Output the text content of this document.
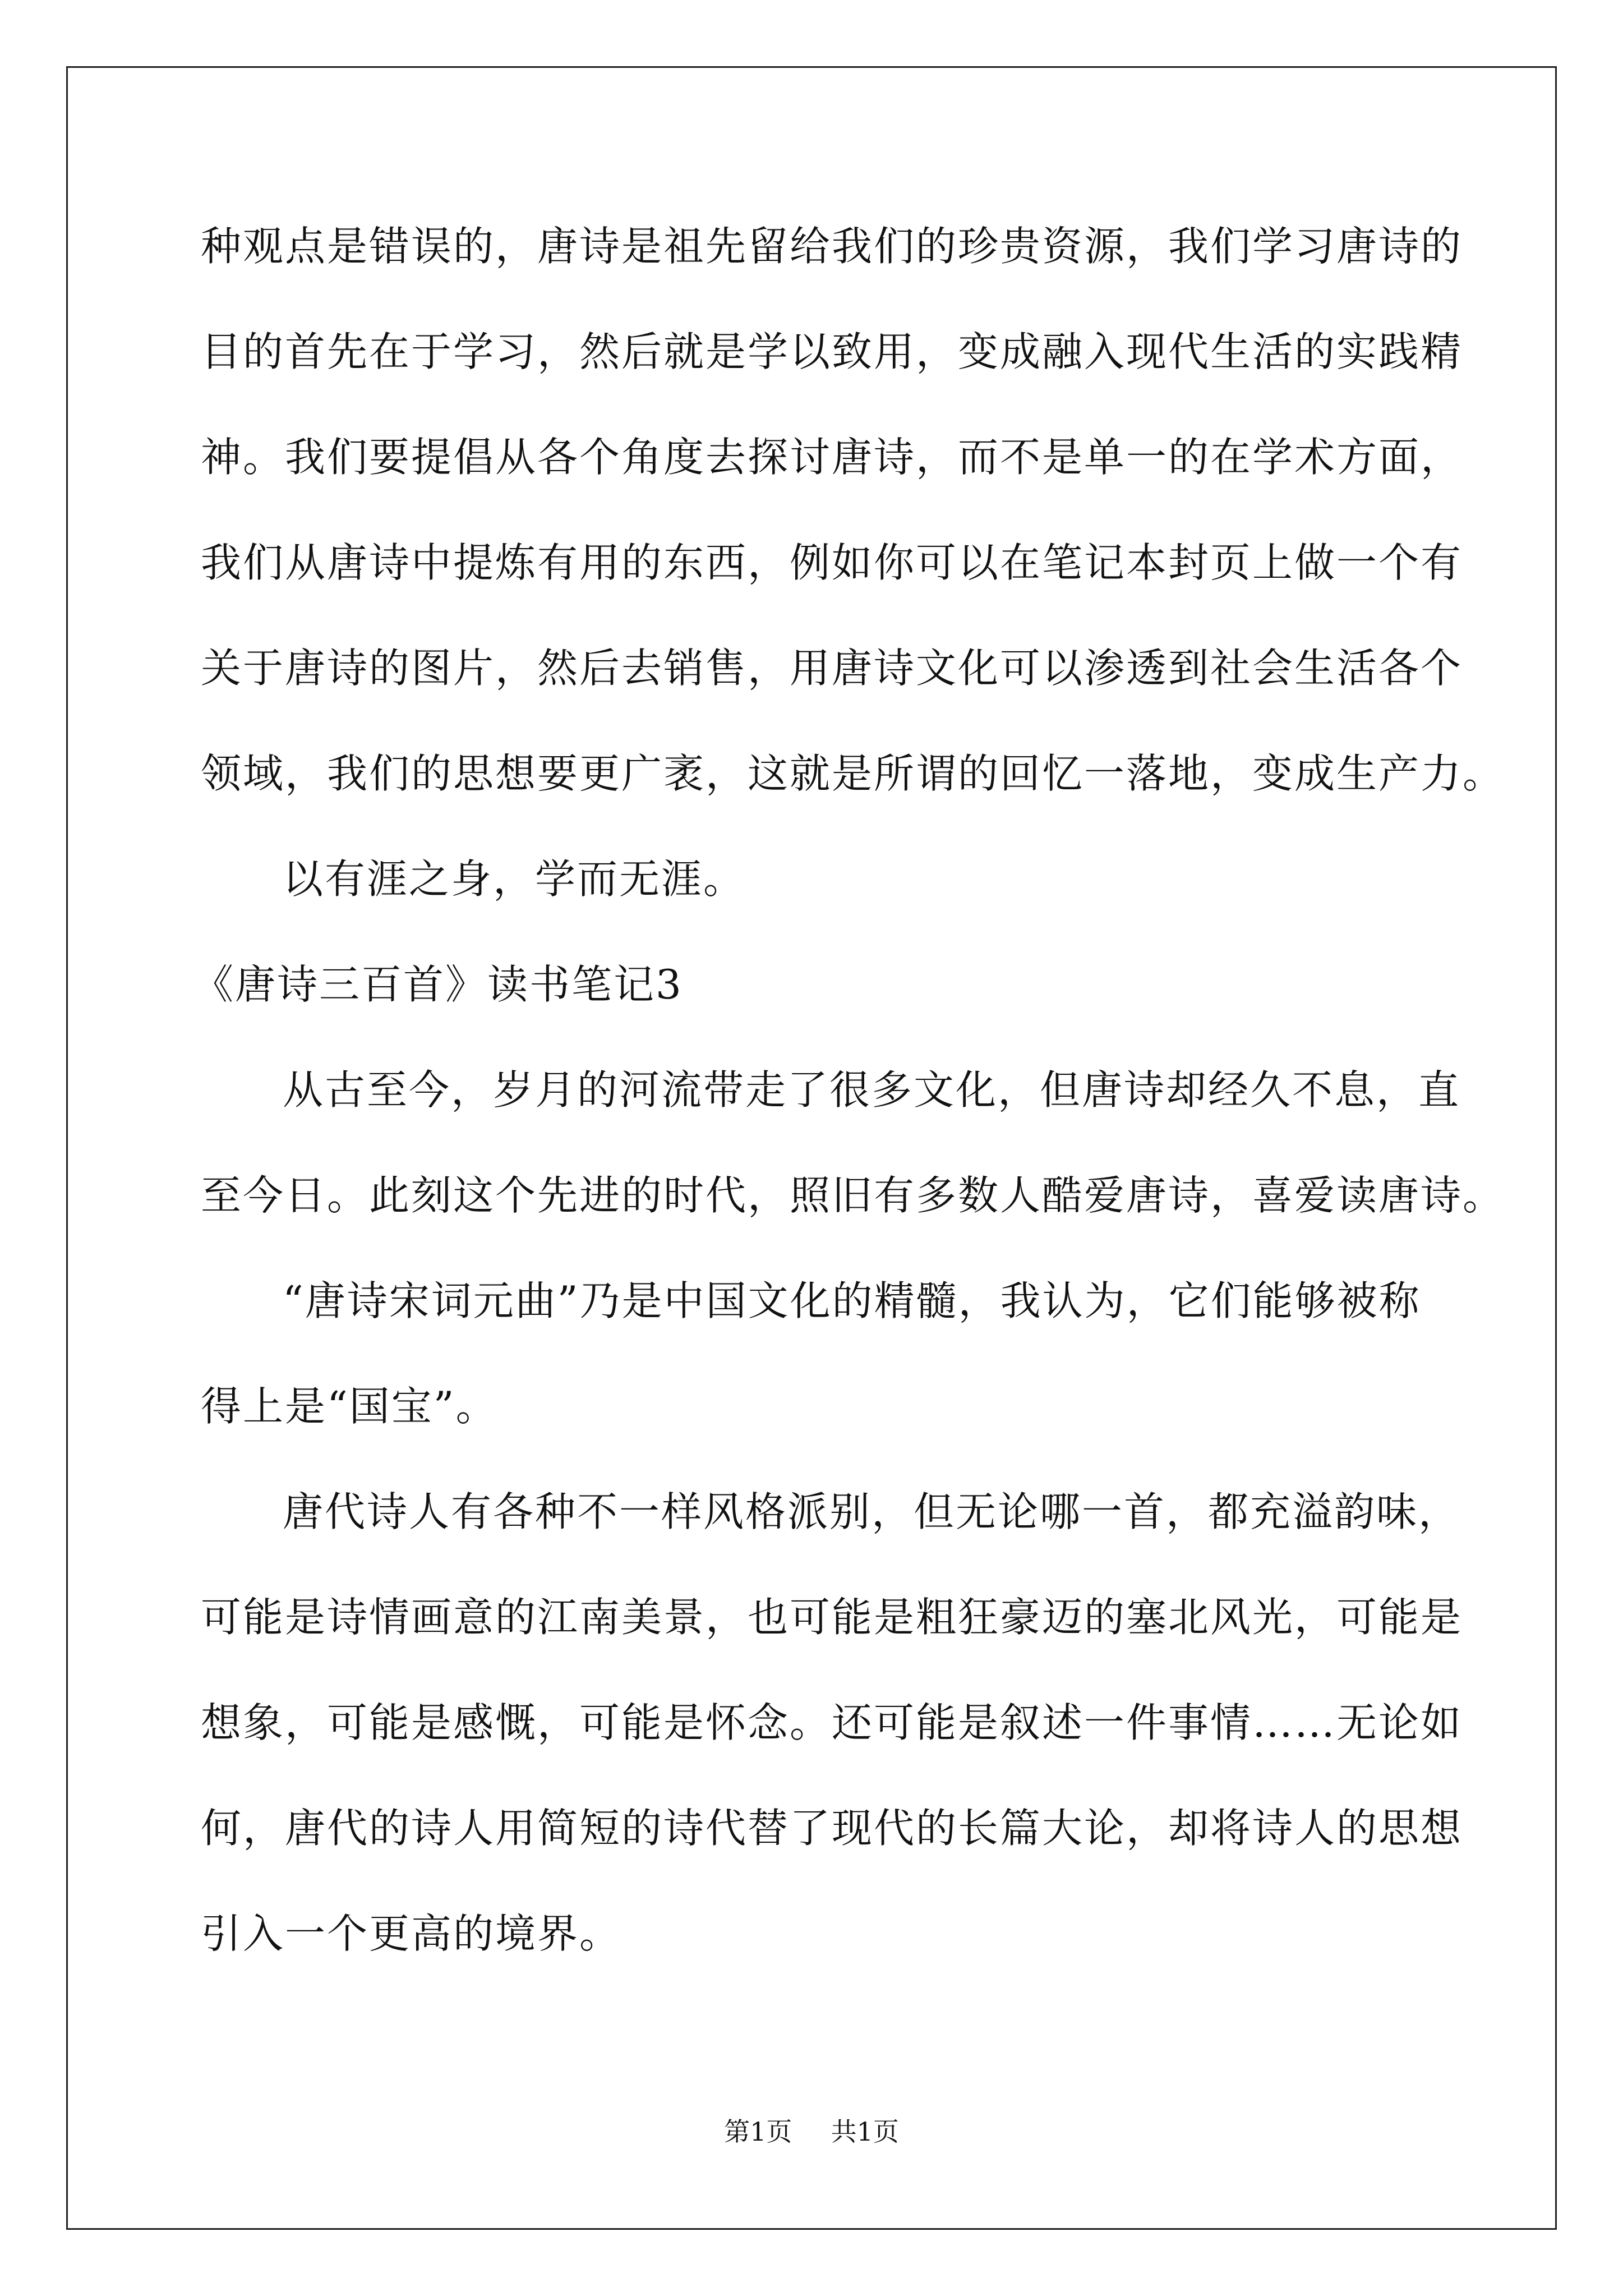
种观点是错误的，唐诗是祖先留给我们的珍贵资源，我们学习唐诗的
目的首先在于学习，然后就是学以致用，变成融入现代生活的实践精
神。我们要提倡从各个角度去探讨唐诗，而不是单一的在学术方面，
我们从唐诗中提炼有用的东西，例如你可以在笔记本封页上做一个有
关于唐诗的图片，然后去销售，用唐诗文化可以渗透到社会生活各个
领域，我们的思想要更广袤，这就是所谓的回忆一落地，变成生产力。
以有涯之身，学而无涯。
《唐诗三百首》读书笔记3
从古至今，岁月的河流带走了很多文化，但唐诗却经久不息，直
至今日。此刻这个先进的时代，照旧有多数人酷爱唐诗，喜爱读唐诗。
“唐诗宋词元曲”乃是中国文化的精髓，我认为，它们能够被称
得上是“国宝”。
唐代诗人有各种不一样风格派别，但无论哪一首，都充溢韵味，
可能是诗情画意的江南美景，也可能是粗狂豪迈的塞北风光，可能是
想象，可能是感慨，可能是怀念。还可能是叙述一件事情……无论如
何，唐代的诗人用简短的诗代替了现代的长篇大论，却将诗人的思想
引入一个更高的境界。
第1页 共1页
